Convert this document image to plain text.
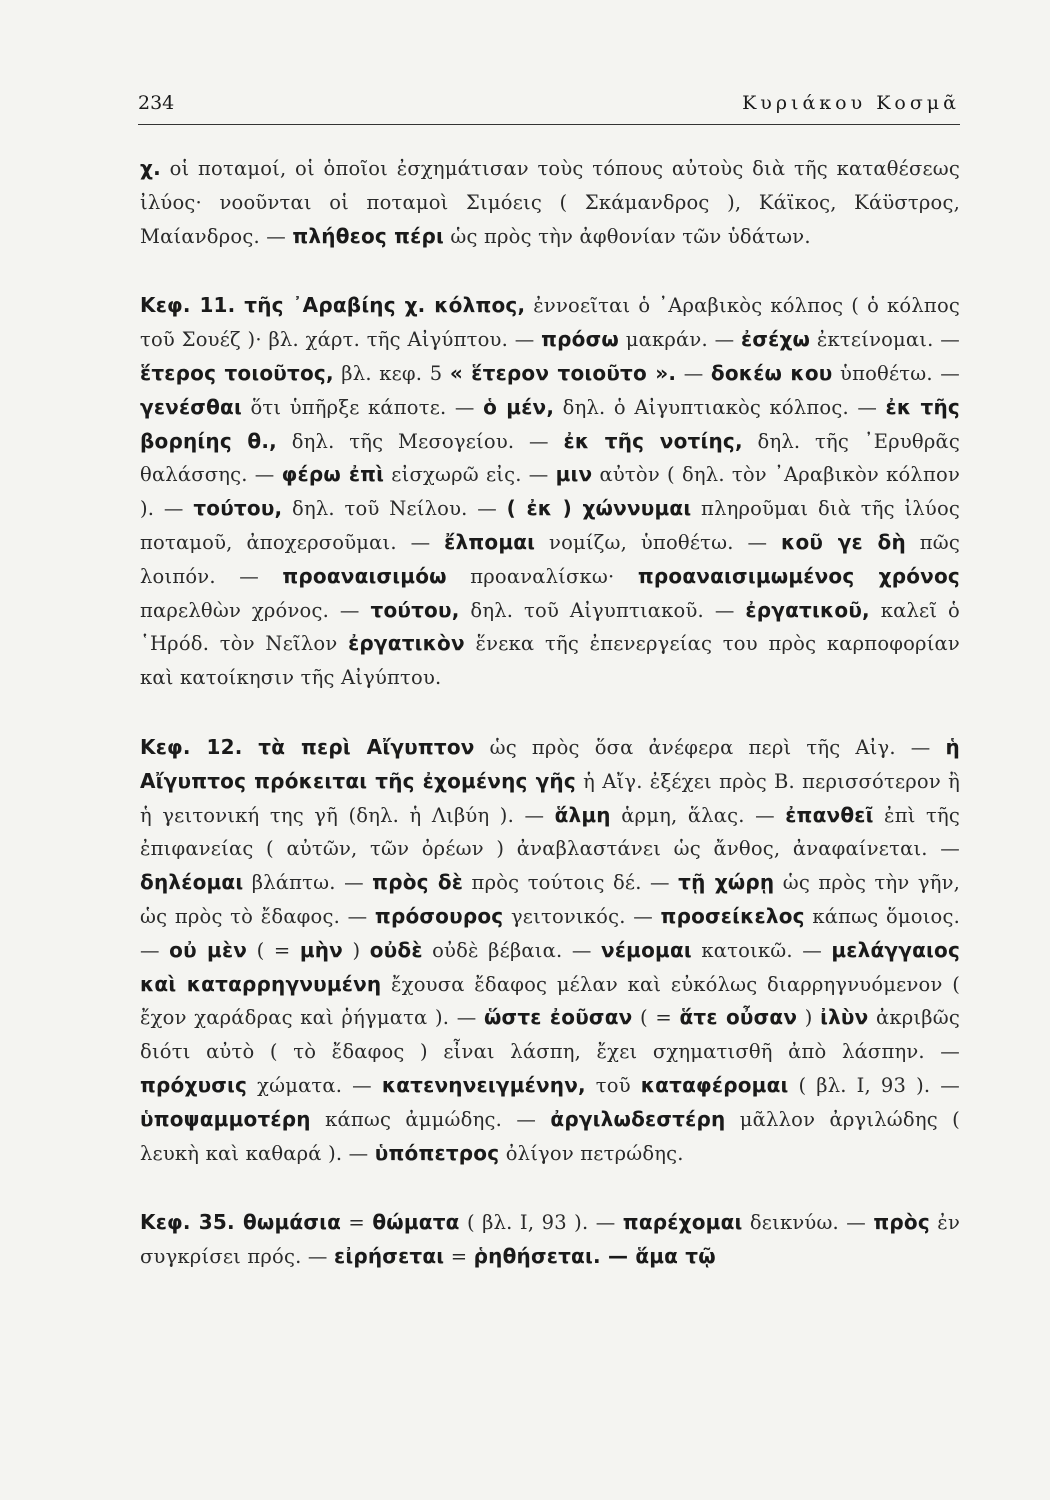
234	Κυριάκου Κοσμᾶ

χ. οἱ ποταμοί, οἱ ὁποῖοι ἐσχημάτισαν τοὺς τόπους αὐτοὺς διὰ τῆς καταθέσεως ἰλύος· νοοῦνται οἱ ποταμοὶ Σιμόεις ( Σκάμανδρος ), Κάϊκος, Κάϋστρος, Μαίανδρος. — πλήθεος πέρι ὡς πρὸς τὴν ἀφθονίαν τῶν ὑδάτων.

Κεφ. 11. τῆς ᾿Αραβίης χ. κόλπος, ἐννοεῖται ὁ ᾿Αραβικὸς κόλπος ( ὁ κόλπος τοῦ Σουέζ )· βλ. χάρτ. τῆς Αἰγύπτου. — πρόσω μακράν. — ἐσέχω ἐκτείνομαι. — ἕτερος τοιοῦτος, βλ. κεφ. 5 « ἕτερον τοιοῦτο ». — δοκέω κου ὑποθέτω. — γενέσθαι ὅτι ὑπῆρξε κάποτε. — ὁ μέν, δηλ. ὁ Αἰγυπτιακὸς κόλπος. — ἐκ τῆς βορηίης θ., δηλ. τῆς Μεσογείου. — ἐκ τῆς νοτίης, δηλ. τῆς ᾿Ερυθρᾶς θαλάσσης. — φέρω ἐπὶ εἰσχωρῶ εἰς. — μιν αὐτὸν ( δηλ. τὸν ᾿Αραβικὸν κόλπον ). — τούτου, δηλ. τοῦ Νείλου. — ( ἐκ ) χώννυμαι πληροῦμαι διὰ τῆς ἰλύος ποταμοῦ, ἀποχερσοῦμαι. — ἔλπομαι νομίζω, ὑποθέτω. — κοῦ γε δὴ πῶς λοιπόν. — προαναισιμόω προαναλίσκω· προαναισιμωμένος χρόνος παρελθὼν χρόνος. — τούτου, δηλ. τοῦ Αἰγυπτιακοῦ. — ἐργατικοῦ, καλεῖ ὁ ῾Ηρόδ. τὸν Νεῖλον ἐργατικὸν ἕνεκα τῆς ἐπενεργείας του πρὸς καρποφορίαν καὶ κατοίκησιν τῆς Αἰγύπτου.

Κεφ. 12. τὰ περὶ Αἴγυπτον ὡς πρὸς ὅσα ἀνέφερα περὶ τῆς Αἰγ. — ἡ Αἴγυπτος πρόκειται τῆς ἐχομένης γῆς ἡ Αἴγ. ἐξέχει πρὸς Β. περισσότερον ἢ ἡ γειτονική της γῆ (δηλ. ἡ Λιβύη ). — ἅλμη ἁρμη, ἅλας. — ἐπανθεῖ ἐπὶ τῆς ἐπιφανείας ( αὐτῶν, τῶν ὀρέων ) ἀναβλαστάνει ὡς ἄνθος, ἀναφαίνεται. — δηλέομαι βλάπτω. — πρὸς δὲ πρὸς τούτοις δέ. — τῇ χώρῃ ὡς πρὸς τὴν γῆν, ὡς πρὸς τὸ ἔδαφος. — πρόσουρος γειτονικός. — προσείκελος κάπως ὅμοιος. — οὐ μὲν ( = μὴν ) οὐδὲ οὐδὲ βέβαια. — νέμομαι κατοικῶ. — μελάγγαιος καὶ καταρρηγνυμένη ἔχουσα ἔδαφος μέλαν καὶ εὐκόλως διαρρηγνυόμενον ( ἔχον χαράδρας καὶ ῥήγματα ). — ὥστε ἐοῦσαν ( = ἅτε οὖσαν ) ἰλὺν ἀκριβῶς διότι αὐτὸ ( τὸ ἔδαφος ) εἶναι λάσπη, ἔχει σχηματισθῆ ἀπὸ λάσπην. — πρόχυσις χώματα. — κατενηνειγμένην, τοῦ καταφέρομαι ( βλ. Ι, 93 ). — ὑποψαμμοτέρη κάπως ἀμμώδης. — ἀργιλωδεστέρη μᾶλλον ἀργιλώδης ( λευκὴ καὶ καθαρά ). — ὑπόπετρος ὀλίγον πετρώδης.

Κεφ. 35. θωμάσια = θώματα ( βλ. Ι, 93 ). — παρέχομαι δεικνύω. — πρὸς ἐν συγκρίσει πρός. — εἰρήσεται = ῥηθήσεται. — ἅμα τῷ
